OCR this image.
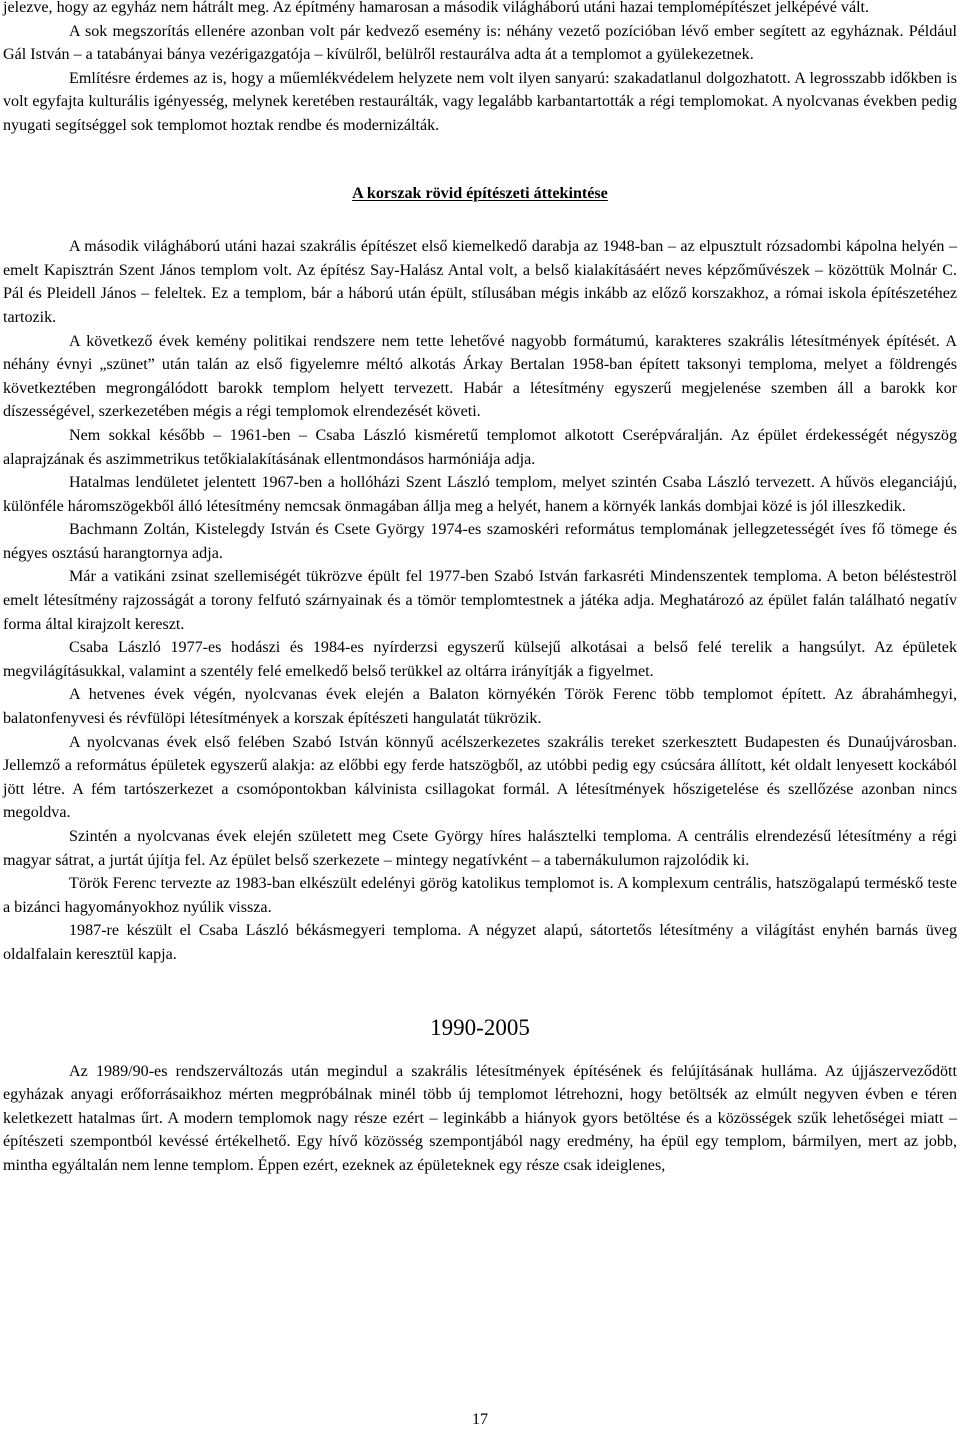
jelezve, hogy az egyház nem hátrált meg. Az építmény hamarosan a második világháború utáni hazai templomépítészet jelképévé vált.

A sok megszorítás ellenére azonban volt pár kedvező esemény is: néhány vezető pozícióban lévő ember segített az egyháznak. Például Gál István – a tatabányai bánya vezérigazgatója – kívülről, belülről restaurálva adta át a templomot a gyülekezetnek.

Említésre érdemes az is, hogy a műemlékvédelem helyzete nem volt ilyen sanyarú: szakadatlanul dolgozhatott. A legrosszabb időkben is volt egyfajta kulturális igényesség, melynek keretében restaurálták, vagy legalább karbantartották a régi templomokat. A nyolcvanas években pedig nyugati segítséggel sok templomot hoztak rendbe és modernizálták.

A korszak rövid építészeti áttekintése

A második világháború utáni hazai szakrális építészet első kiemelkedő darabja az 1948-ban – az elpusztult rózsadombi kápolna helyén – emelt Kapisztrán Szent János templom volt. Az építész Say-Halász Antal volt, a belső kialakításáért neves képzőművészek – közöttük Molnár C. Pál és Pleidell János – feleltek. Ez a templom, bár a háború után épült, stílusában mégis inkább az előző korszakhoz, a római iskola építészetéhez tartozik.

A következő évek kemény politikai rendszere nem tette lehetővé nagyobb formátumú, karakteres szakrális létesítmények építését. A néhány évnyi „szünet” után talán az első figyelemre méltó alkotás Árkay Bertalan 1958-ban épített taksonyi temploma, melyet a földrengés következtében megrongálódott barokk templom helyett tervezett. Habár a létesítmény egyszerű megjelenése szemben áll a barokk kor díszességével, szerkezetében mégis a régi templomok elrendezését követi.

Nem sokkal később – 1961-ben – Csaba László kisméretű templomot alkotott Cserépváralján. Az épület érdekességét négyszög alaprajzának és aszimmetrikus tetőkialakításának ellentmondásos harmóniája adja.

Hatalmas lendületet jelentett 1967-ben a hollóházi Szent László templom, melyet szintén Csaba László tervezett. A hűvös eleganciájú, különféle háromszögekből álló létesítmény nemcsak önmagában állja meg a helyét, hanem a környék lankás dombjai közé is jól illeszkedik.

Bachmann Zoltán, Kistelegdy István és Csete György 1974-es szamoskéri református templomának jellegzetességét íves fő tömege és négyes osztású harangtornya adja.

Már a vatikáni zsinat szellemiségét tükrözve épült fel 1977-ben Szabó István farkasréti Mindenszentek temploma. A beton bélésteströl emelt létesítmény rajzosságát a torony felfutó szárnyainak és a tömör templomtestnek a játéka adja. Meghatározó az épület falán található negatív forma által kirajzolt kereszt.

Csaba László 1977-es hodászi és 1984-es nyírderzsi egyszerű külsejű alkotásai a belső felé terelik a hangsúlyt. Az épületek megvilágításukkal, valamint a szentély felé emelkedő belső terükkel az oltárra irányítják a figyelmet.

A hetvenes évek végén, nyolcvanas évek elején a Balaton környékén Török Ferenc több templomot épített. Az ábrahámhegyi, balatonfenyvesi és révfülöpi létesítmények a korszak építészeti hangulatát tükrözik.

A nyolcvanas évek első felében Szabó István könnyű acélszerkezetes szakrális tereket szerkesztett Budapesten és Dunaújvárosban. Jellemző a református épületek egyszerű alakja: az előbbi egy ferde hatszögből, az utóbbi pedig egy csúcsára állított, két oldalt lenyesett kockából jött létre. A fém tartószerkezet a csomópontokban kálvinista csillagokat formál. A létesítmények hőszigetelése és szellőzése azonban nincs megoldva.

Szintén a nyolcvanas évek elején született meg Csete György híres halásztelki temploma. A centrális elrendezésű létesítmény a régi magyar sátrat, a jurtát újítja fel. Az épület belső szerkezete – mintegy negatívként – a tabernákulumon rajzolódik ki.

Török Ferenc tervezte az 1983-ban elkészült edelényi görög katolikus templomot is. A komplexum centrális, hatszögalapú terméskő teste a bizánci hagyományokhoz nyúlik vissza.

1987-re készült el Csaba László békásmegyeri temploma. A négyzet alapú, sátortetős létesítmény a világítást enyhén barnás üveg oldalfalain keresztül kapja.

1990-2005

Az 1989/90-es rendszerváltozás után megindul a szakrális létesítmények építésének és felújításának hulláma. Az újjászerveződött egyházak anyagi erőforrásaikhoz mérten megpróbálnak minél több új templomot létrehozni, hogy betöltsék az elmúlt negyven évben e téren keletkezett hatalmas űrt. A modern templomok nagy része ezért – leginkább a hiányok gyors betöltése és a közösségek szűk lehetőségei miatt – építészeti szempontból kevéssé értékelhető. Egy hívő közösség szempontjából nagy eredmény, ha épül egy templom, bármilyen, mert az jobb, mintha egyáltalán nem lenne templom. Éppen ezért, ezeknek az épületeknek egy része csak ideiglenes,

17
